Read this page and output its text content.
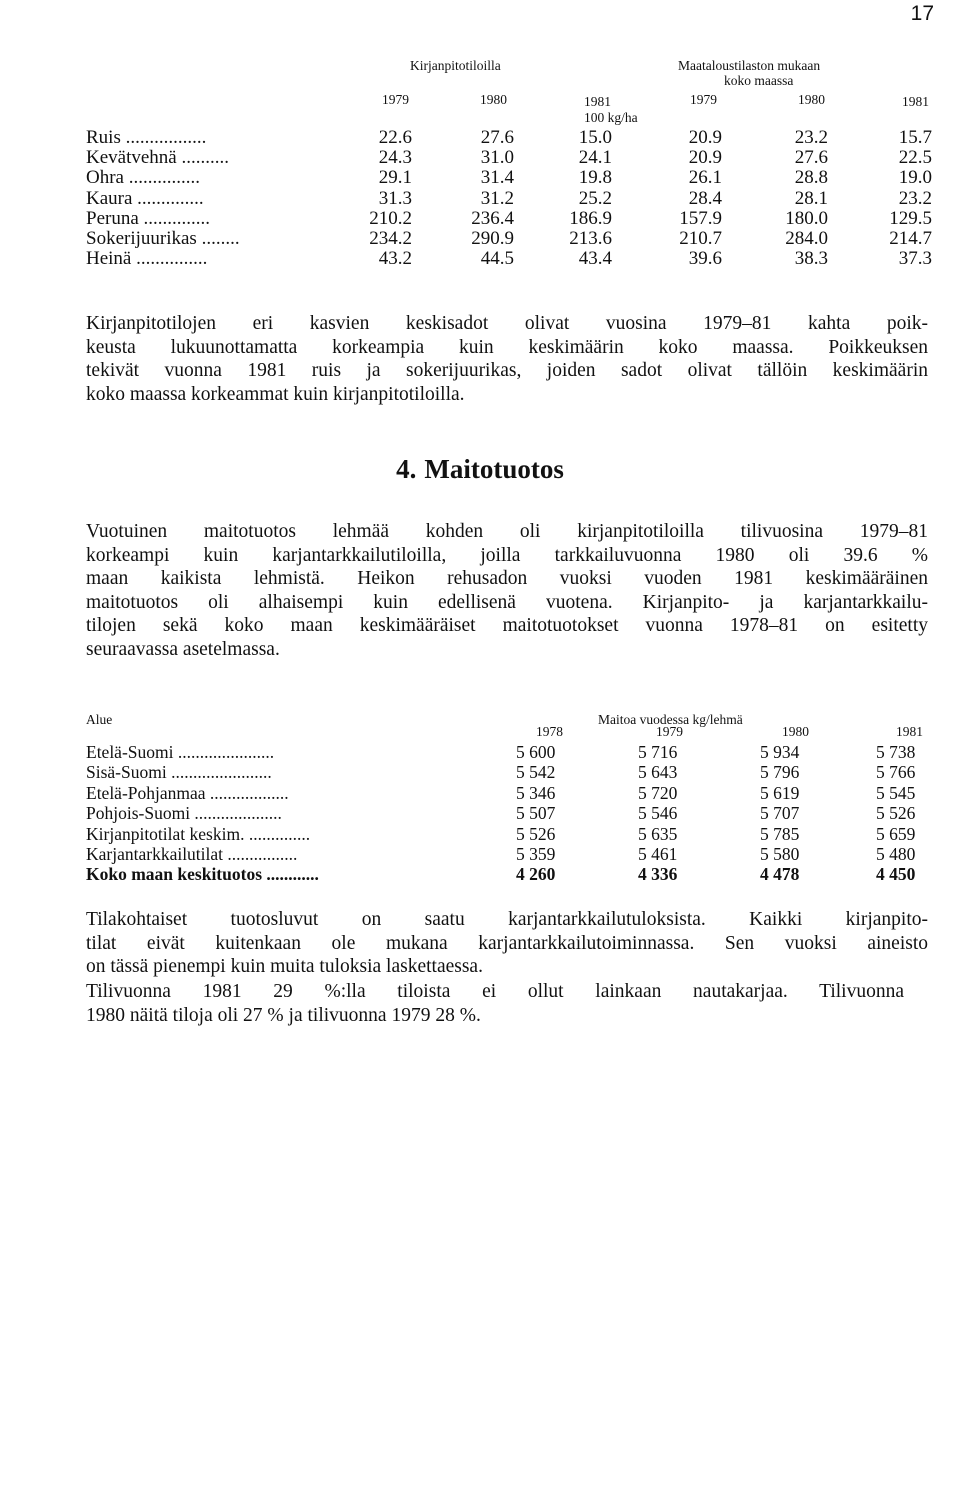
17
Kirjanpitotiloilla	Maataloustilaston mukaan
koko maassa
1979	1980	1981	1979	1980	1981
100 kg/ha
Ruis .................	22.6	27.6	15.0	20.9	23.2	15.7
Kevätvehnä ..........	24.3	31.0	24.1	20.9	27.6	22.5
Ohra ...............	29.1	31.4	19.8	26.1	28.8	19.0
Kaura ..............	31.3	31.2	25.2	28.4	28.1	23.2
Peruna ..............	210.2	236.4	186.9	157.9	180.0	129.5
Sokerijuurikas ........	234.2	290.9	213.6	210.7	284.0	214.7
Heinä ...............	43.2	44.5	43.4	39.6	38.3	37.3

Kirjanpitotilojen eri kasvien keskisadot olivat vuosina 1979–81 kahta poik-
keusta lukuunottamatta korkeampia kuin keskimäärin koko maassa. Poikkeuksen
tekivät vuonna 1981 ruis ja sokerijuurikas, joiden sadot olivat tällöin keskimäärin
koko maassa korkeammat kuin kirjanpitotiloilla.

4. Maitotuotos

Vuotuinen maitotuotos lehmää kohden oli kirjanpitotiloilla tilivuosina 1979–81
korkeampi kuin karjantarkkailutiloilla, joilla tarkkailuvuonna 1980 oli 39.6 %
maan kaikista lehmistä. Heikon rehusadon vuoksi vuoden 1981 keskimääräinen
maitotuotos oli alhaisempi kuin edellisenä vuotena. Kirjanpito- ja karjantarkkailu-
tilojen sekä koko maan keskimääräiset maitotuotokset vuonna 1978–81 on esitetty
seuraavassa asetelmassa.

Alue	Maitoa vuodessa kg/lehmä
1978	1979	1980	1981
Etelä-Suomi ......................	5 600	5 716	5 934	5 738
Sisä-Suomi .......................	5 542	5 643	5 796	5 766
Etelä-Pohjanmaa ..................	5 346	5 720	5 619	5 545
Pohjois-Suomi ....................	5 507	5 546	5 707	5 526
Kirjanpitotilat keskim. ..............	5 526	5 635	5 785	5 659
Karjantarkkailutilat ................	5 359	5 461	5 580	5 480
Koko maan keskituotos ............	4 260	4 336	4 478	4 450

Tilakohtaiset tuotosluvut on saatu karjantarkkailutuloksista. Kaikki kirjanpito-
tilat eivät kuitenkaan ole mukana karjantarkkailutoiminnassa. Sen vuoksi aineisto
on tässä pienempi kuin muita tuloksia laskettaessa.

Tilivuonna 1981 29 %:lla tiloista ei ollut lainkaan nautakarjaa. Tilivuonna
1980 näitä tiloja oli 27 % ja tilivuonna 1979 28 %.
